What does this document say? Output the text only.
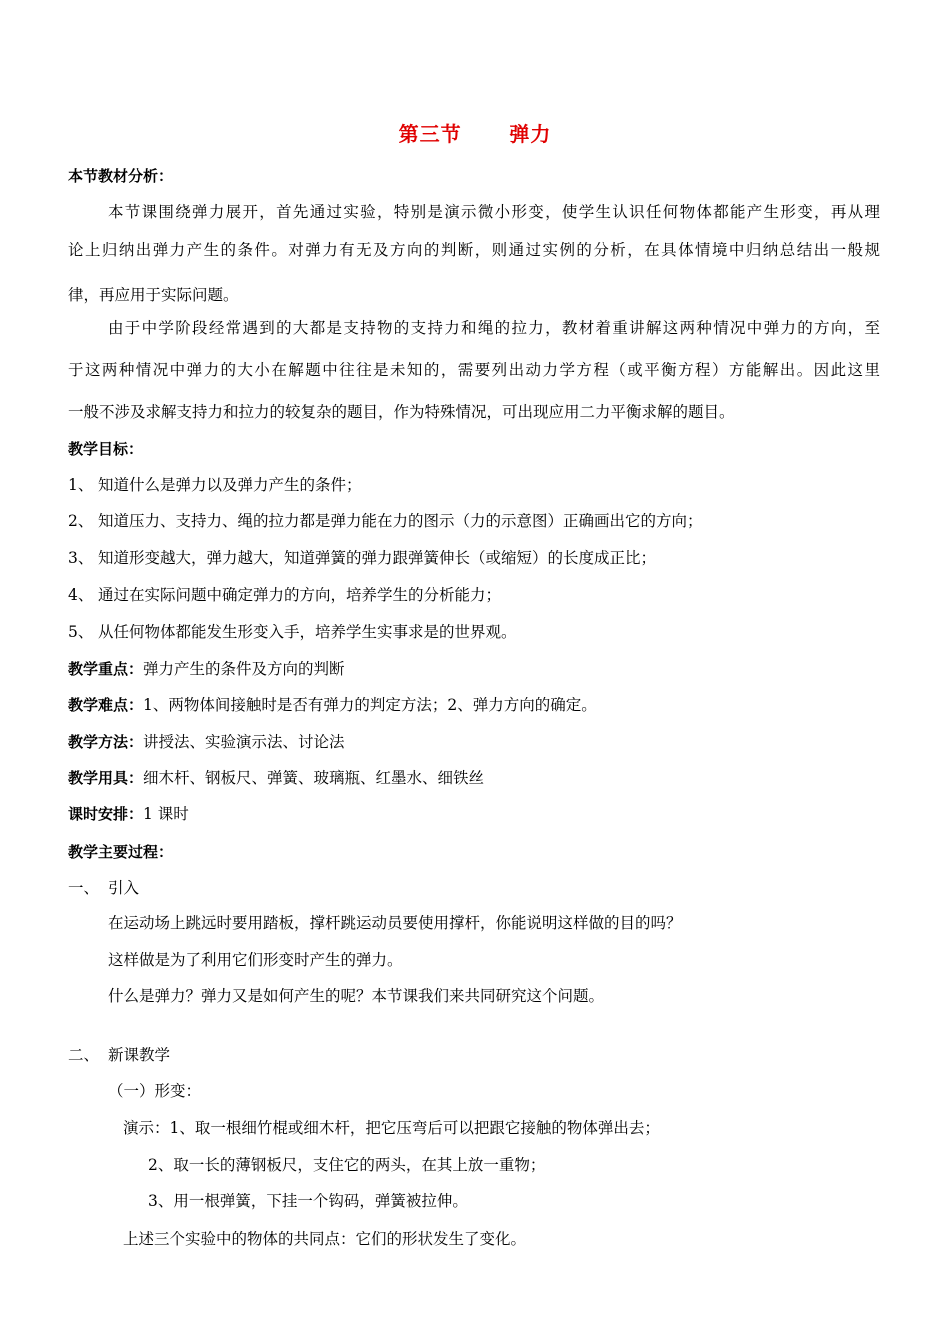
第三节      弹力
本节教材分析：
本节课围绕弹力展开，首先通过实验，特别是演示微小形变，使学生认识任何物体都能产生形变，再从理
论上归纳出弹力产生的条件。对弹力有无及方向的判断，则通过实例的分析，在具体情境中归纳总结出一般规
律，再应用于实际问题。
由于中学阶段经常遇到的大都是支持物的支持力和绳的拉力，教材着重讲解这两种情况中弹力的方向，至
于这两种情况中弹力的大小在解题中往往是未知的，需要列出动力学方程（或平衡方程）方能解出。因此这里
一般不涉及求解支持力和拉力的较复杂的题目，作为特殊情况，可出现应用二力平衡求解的题目。
教学目标：
1、 知道什么是弹力以及弹力产生的条件；
2、 知道压力、支持力、绳的拉力都是弹力能在力的图示（力的示意图）正确画出它的方向；
3、 知道形变越大，弹力越大，知道弹簧的弹力跟弹簧伸长（或缩短）的长度成正比；
4、 通过在实际问题中确定弹力的方向，培养学生的分析能力；
5、 从任何物体都能发生形变入手，培养学生实事求是的世界观。
教学重点：弹力产生的条件及方向的判断
教学难点：1、两物体间接触时是否有弹力的判定方法；2、弹力方向的确定。
教学方法：讲授法、实验演示法、讨论法
教学用具：细木杆、钢板尺、弹簧、玻璃瓶、红墨水、细铁丝
课时安排：1 课时
教学主要过程：
一、 引入
在运动场上跳远时要用踏板，撑杆跳运动员要使用撑杆，你能说明这样做的目的吗？
这样做是为了利用它们形变时产生的弹力。
什么是弹力？弹力又是如何产生的呢？本节课我们来共同研究这个问题。
二、 新课教学
（一）形变：
演示：1、取一根细竹棍或细木杆，把它压弯后可以把跟它接触的物体弹出去；
2、取一长的薄钢板尺，支住它的两头，在其上放一重物；
3、用一根弹簧，下挂一个钩码，弹簧被拉伸。
上述三个实验中的物体的共同点：它们的形状发生了变化。
